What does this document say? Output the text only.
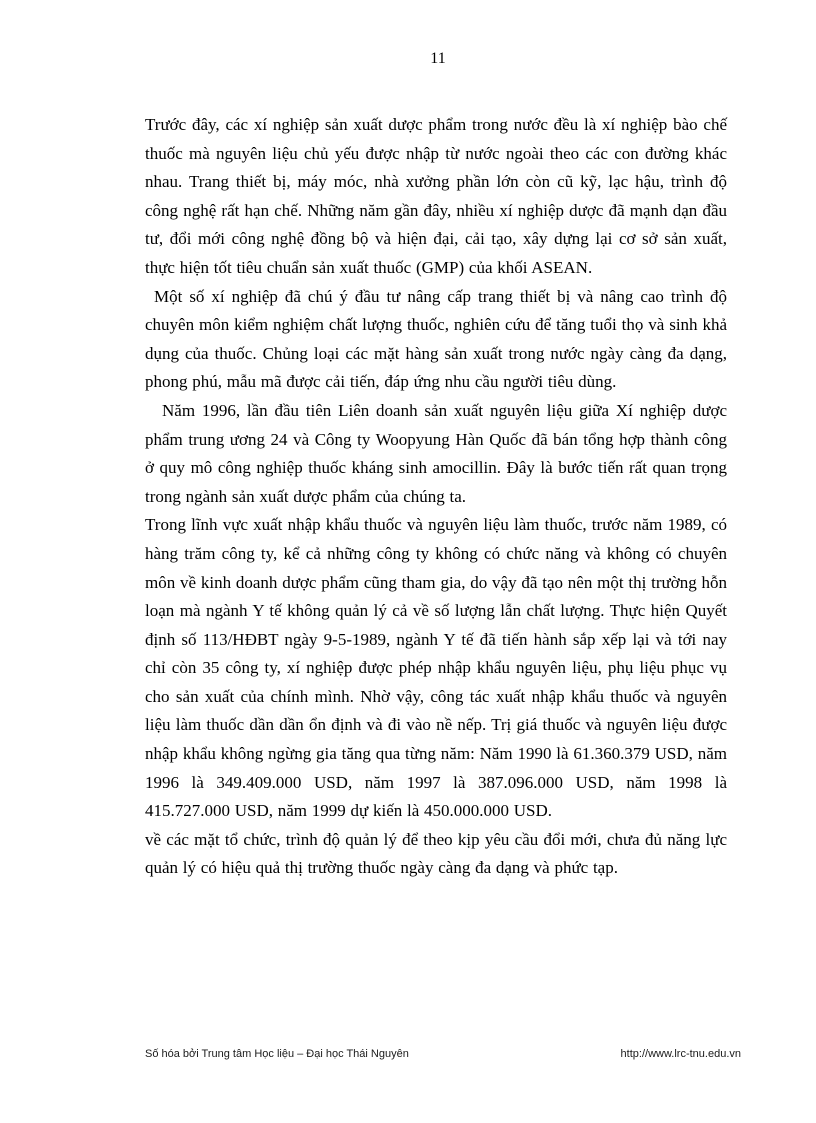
11

Trước đây, các xí nghiệp sản xuất dược phẩm trong nước đều là xí nghiệp bào chế thuốc mà nguyên liệu chủ yếu được nhập từ nước ngoài theo các con đường khác nhau. Trang thiết bị, máy móc, nhà xưởng phần lớn còn cũ kỹ, lạc hậu, trình độ công nghệ rất hạn chế. Những năm gần đây, nhiều xí nghiệp dược đã mạnh dạn đầu tư, đổi mới công nghệ đồng bộ và hiện đại, cải tạo, xây dựng lại cơ sở sản xuất, thực hiện tốt tiêu chuẩn sản xuất thuốc (GMP) của khối ASEAN.

Một số xí nghiệp đã chú ý đầu tư nâng cấp trang thiết bị và nâng cao trình độ chuyên môn kiểm nghiệm chất lượng thuốc, nghiên cứu để tăng tuổi thọ và sinh khả dụng của thuốc. Chủng loại các mặt hàng sản xuất trong nước ngày càng đa dạng, phong phú, mẫu mã được cải tiến, đáp ứng nhu cầu người tiêu dùng.

Năm 1996, lần đầu tiên Liên doanh sản xuất nguyên liệu giữa Xí nghiệp dược phẩm trung ương 24 và Công ty Woopyung Hàn Quốc đã bán tổng hợp thành công ở quy mô công nghiệp thuốc kháng sinh amocillin. Đây là bước tiến rất quan trọng trong ngành sản xuất dược phẩm của chúng ta.

Trong lĩnh vực xuất nhập khẩu thuốc và nguyên liệu làm thuốc, trước năm 1989, có hàng trăm công ty, kể cả những công ty không có chức năng và không có chuyên môn về kinh doanh dược phẩm cũng tham gia, do vậy đã tạo nên một thị trường hỗn loạn mà ngành Y tế không quản lý cả về số lượng lẫn chất lượng. Thực hiện Quyết định số 113/HĐBT ngày 9-5-1989, ngành Y tế đã tiến hành sắp xếp lại và tới nay chỉ còn 35 công ty, xí nghiệp được phép nhập khẩu nguyên liệu, phụ liệu phục vụ cho sản xuất của chính mình. Nhờ vậy, công tác xuất nhập khẩu thuốc và nguyên liệu làm thuốc dần dần ổn định và đi vào nề nếp. Trị giá thuốc và nguyên liệu được nhập khẩu không ngừng gia tăng qua từng năm: Năm 1990 là 61.360.379 USD, năm 1996 là 349.409.000 USD, năm 1997 là 387.096.000 USD, năm 1998 là 415.727.000 USD, năm 1999 dự kiến là 450.000.000 USD.

về các mặt tổ chức, trình độ quản lý để theo kịp yêu cầu đổi mới, chưa đủ năng lực quản lý có hiệu quả thị trường thuốc ngày càng đa dạng và phức tạp.

Số hóa bởi Trung tâm Học liệu – Đại học Thái Nguyên	http://www.lrc-tnu.edu.vn
